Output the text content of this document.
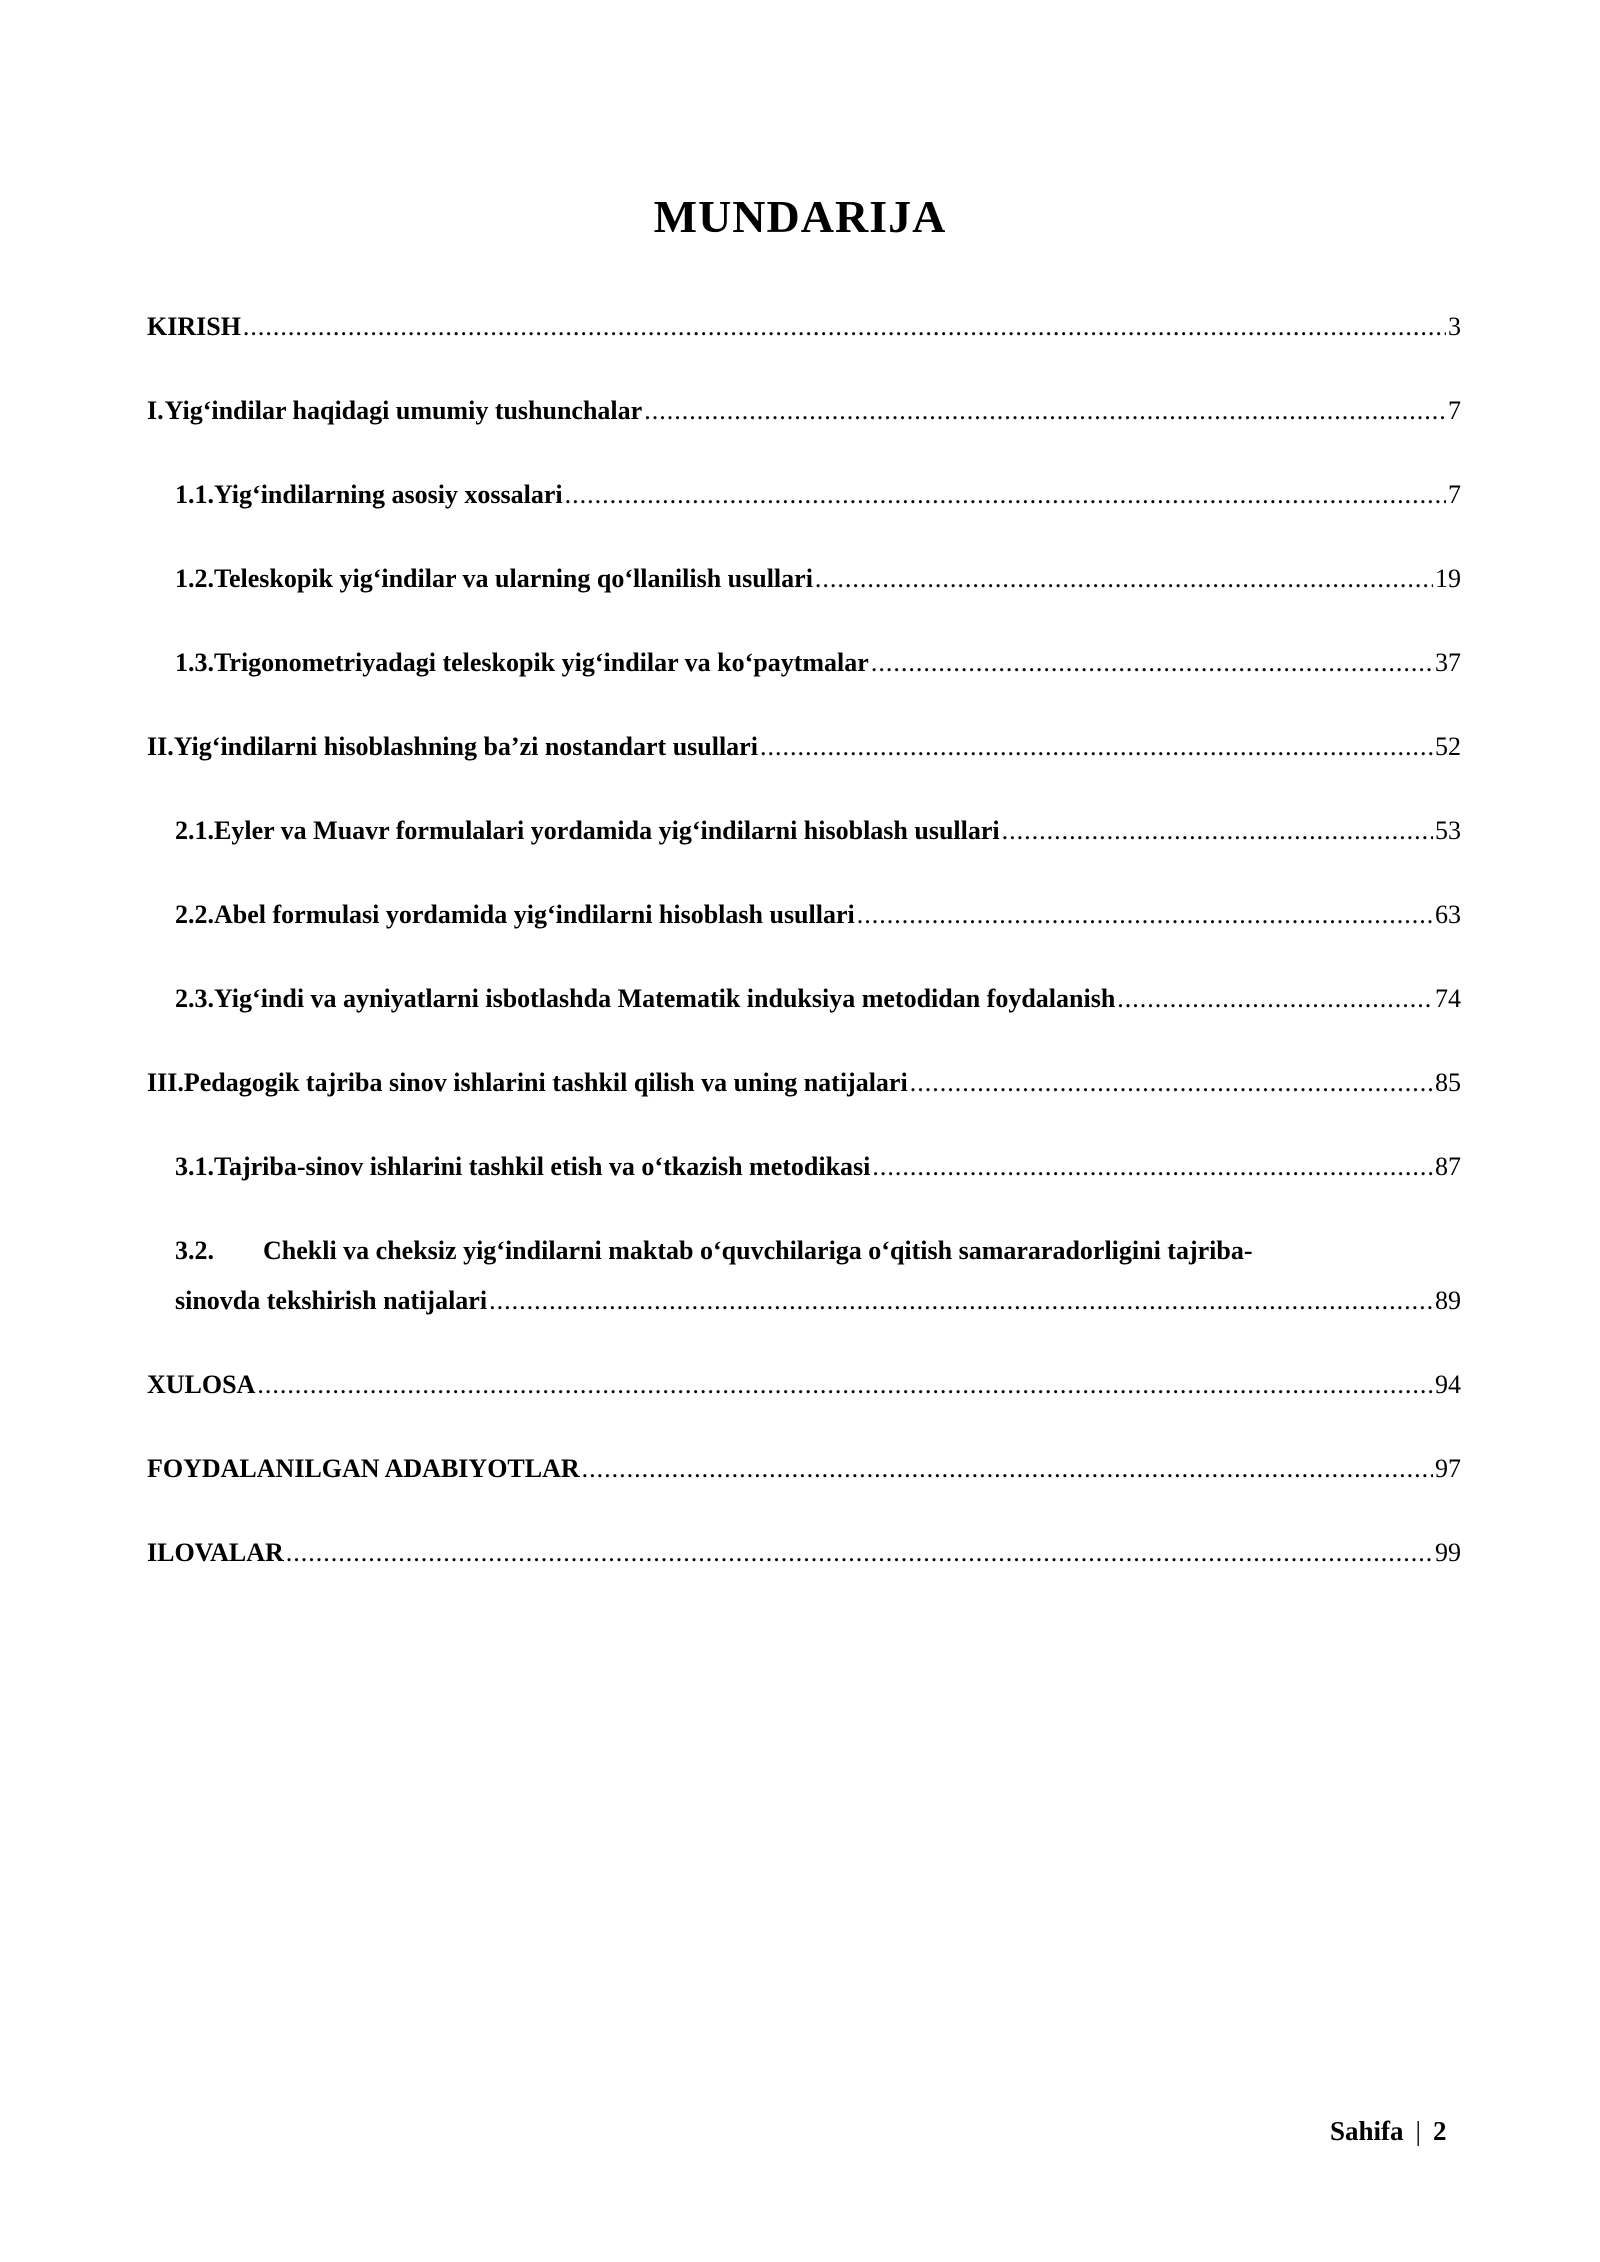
MUNDARIJA
KIRISH .....	3
I. Yig‘indilar haqidagi umumiy tushunchalar .....	7
1.1. Yig‘indilarning asosiy xossalari .....	7
1.2. Teleskopik yig‘indilar va ularning qo‘llanilish usullari .....	19
1.3. Trigonometriyadagi teleskopik yig‘indilar va ko‘paytmalar .....	37
II. Yig‘indilarni hisoblashning ba’zi nostandart usullari .....	52
2.1. Eyler va Muavr formulalari yordamida yig‘indilarni hisoblash usullari .....	53
2.2. Abel formulasi yordamida yig‘indilarni hisoblash usullari .....	63
2.3. Yig‘indi va ayniyatlarni isbotlashda Matematik induksiya metodidan foydalanish .....	74
III. Pedagogik tajriba sinov ishlarini tashkil qilish va uning natijalari .....	85
3.1. Tajriba-sinov ishlarini tashkil etish va o‘tkazish metodikasi .....	87
3.2.	Chekli va cheksiz yig‘indilarni maktab o‘quvchilariga o‘qitish samararadorligini tajriba-
sinovda tekshirish natijalari .....	89
XULOSA .....	94
FOYDALANILGAN ADABIYOTLAR .....	97
ILOVALAR .....	99
Sahifa | 2
